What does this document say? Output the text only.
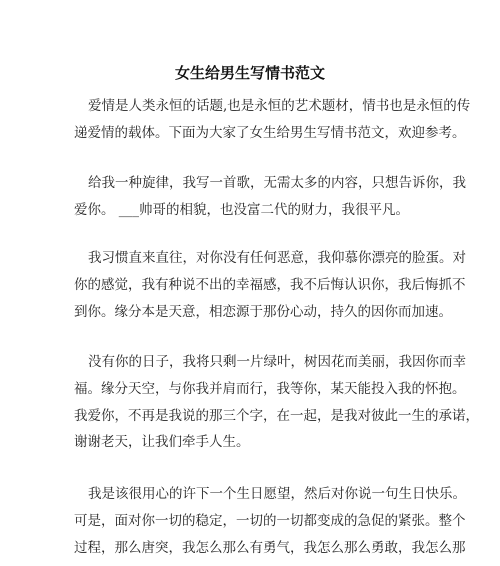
女生给男生写情书范文
爱情是人类永恒的话题,也是永恒的艺术题材，情书也是永恒的传
递爱情的载体。下面为大家了女生给男生写情书范文，欢迎参考。
给我一种旋律，我写一首歌，无需太多的内容，只想告诉你，我
爱你。 ___帅哥的相貌，也没富二代的财力，我很平凡。
我习惯直来直往，对你没有任何恶意，我仰慕你漂亮的脸蛋。对
你的感觉，我有种说不出的幸福感，我不后悔认识你，我后悔抓不
到你。缘分本是天意，相恋源于那份心动，持久的因你而加速。
没有你的日子，我将只剩一片绿叶，树因花而美丽，我因你而幸
福。缘分天空，与你我并肩而行，我等你，某天能投入我的怀抱。
我爱你，不再是我说的那三个字，在一起，是我对彼此一生的承诺，
谢谢老天，让我们牵手人生。
我是该很用心的许下一个生日愿望，然后对你说一句生日快乐。
可是，面对你一切的稳定，一切的一切都变成的急促的紧张。整个
过程，那么唐突，我怎么那么有勇气，我怎么那么勇敢，我怎么那
